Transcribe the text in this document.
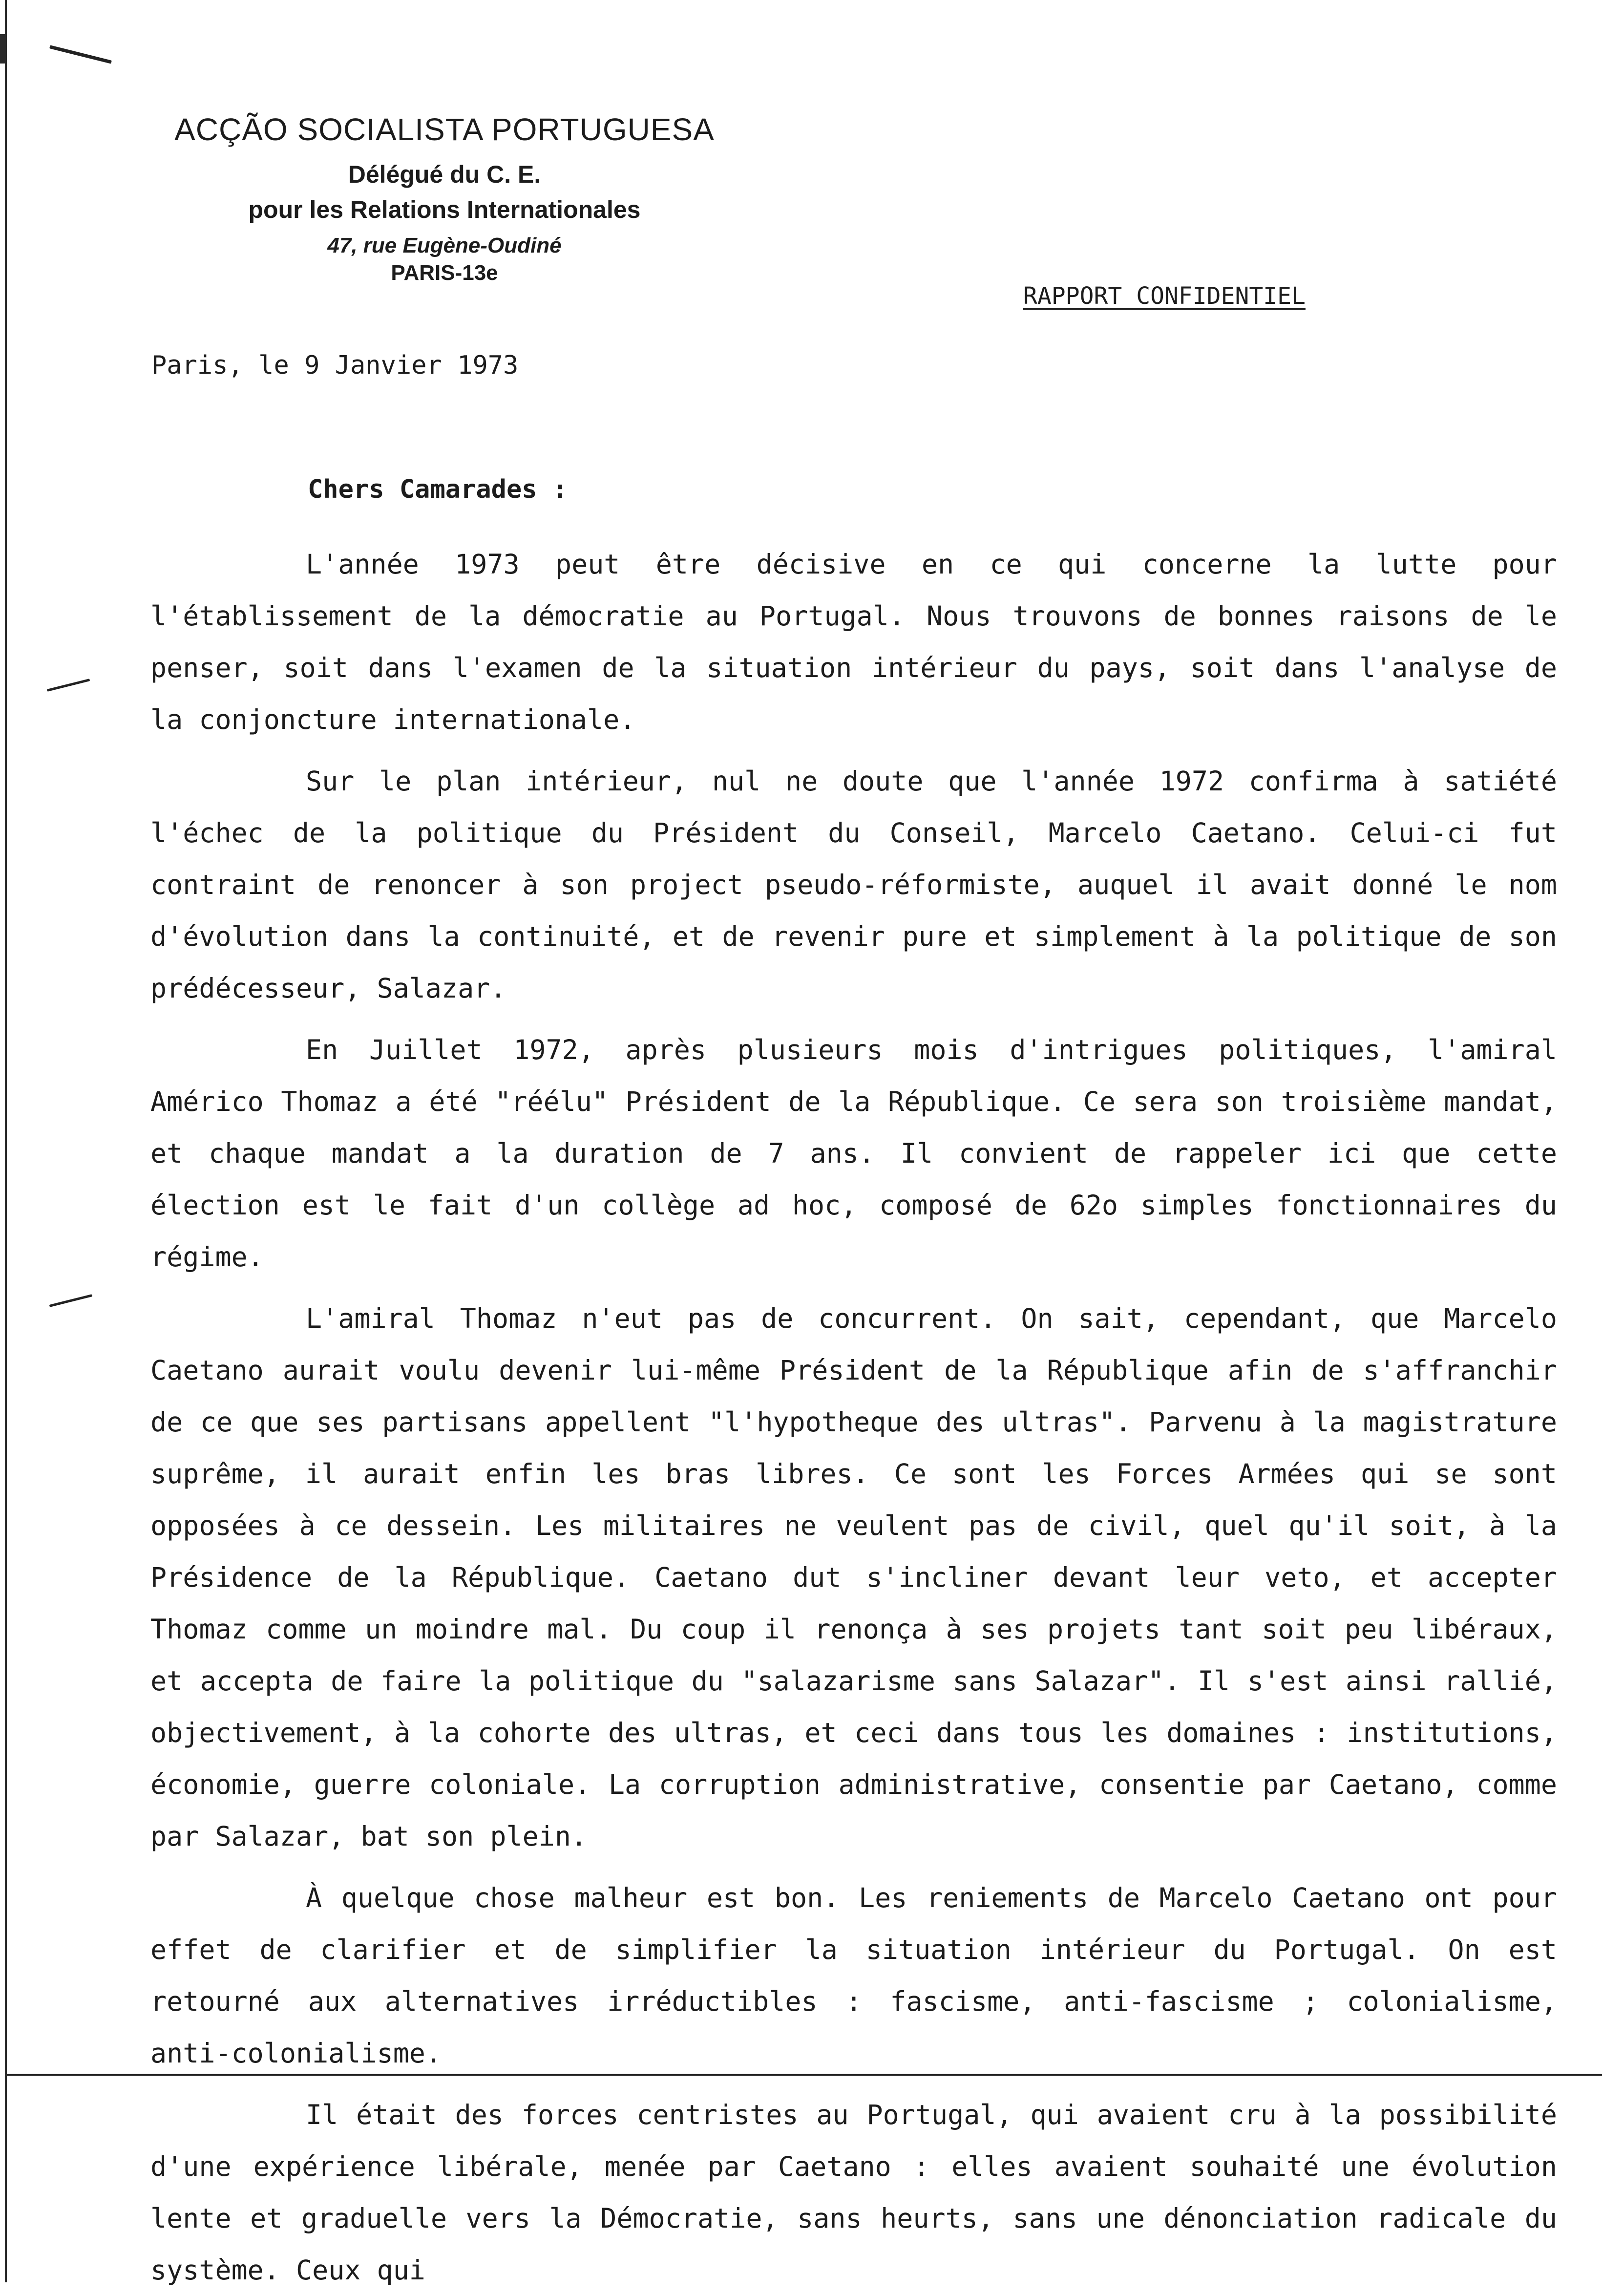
ACÇÃO SOCIALISTA PORTUGUESA
Délégué du C. E.
pour les Relations Internationales
47, rue Eugène-Oudiné
PARIS-13e
RAPPORT CONFIDENTIEL
Paris, le 9 Janvier 1973
Chers Camarades :

L'année 1973 peut être décisive en ce qui concerne la lutte pour l'établissement de la démocratie au Portugal. Nous trouvons de bonnes raisons de le penser, soit dans l'examen de la situation intérieur du pays, soit dans l'analyse de la conjoncture internationale.

Sur le plan intérieur, nul ne doute que l'année 1972 confirma à satiété l'échec de la politique du Président du Conseil, Marcelo Caetano. Celui-ci fut contraint de renoncer à son project pseudo-réformiste, auquel il avait donné le nom d'évolution dans la continuité, et de revenir pure et simplement à la politique de son prédécesseur, Salazar.

En Juillet 1972, après plusieurs mois d'intrigues politiques, l'amiral Américo Thomaz a été "réélu" Président de la République. Ce sera son troisième mandat, et chaque mandat a la duration de 7 ans. Il convient de rappeler ici que cette élection est le fait d'un collège ad hoc, composé de 62o simples fonctionnaires du régime.

L'amiral Thomaz n'eut pas de concurrent. On sait, cependant, que Marcelo Caetano aurait voulu devenir lui-même Président de la République afin de s'affranchir de ce que ses partisans appellent "l'hypotheque des ultras". Parvenu à la magistrature suprême, il aurait enfin les bras libres. Ce sont les Forces Armées qui se sont opposées à ce dessein. Les militaires ne veulent pas de civil, quel qu'il soit, à la Présidence de la République. Caetano dut s'incliner devant leur veto, et accepter Thomaz comme un moindre mal. Du coup il renonça à ses projets tant soit peu libéraux, et accepta de faire la politique du "salazarisme sans Salazar". Il s'est ainsi rallié, objectivement, à la cohorte des ultras, et ceci dans tous les domaines : institutions, économie, guerre coloniale. La corruption administrative, consentie par Caetano, comme par Salazar, bat son plein.

À quelque chose malheur est bon. Les reniements de Marcelo Caetano ont pour effet de clarifier et de simplifier la situation intérieur du Portugal. On est retourné aux alternatives irréductibles : fascisme, anti-fascisme ; colonialisme, anti-colonialisme.

Il était des forces centristes au Portugal, qui avaient cru à la possibilité d'une expérience libérale, menée par Caetano : elles avaient souhaité une évolution lente et graduelle vers la Démocratie, sans heurts, sans une dénonciation radicale du système. Ceux qui
